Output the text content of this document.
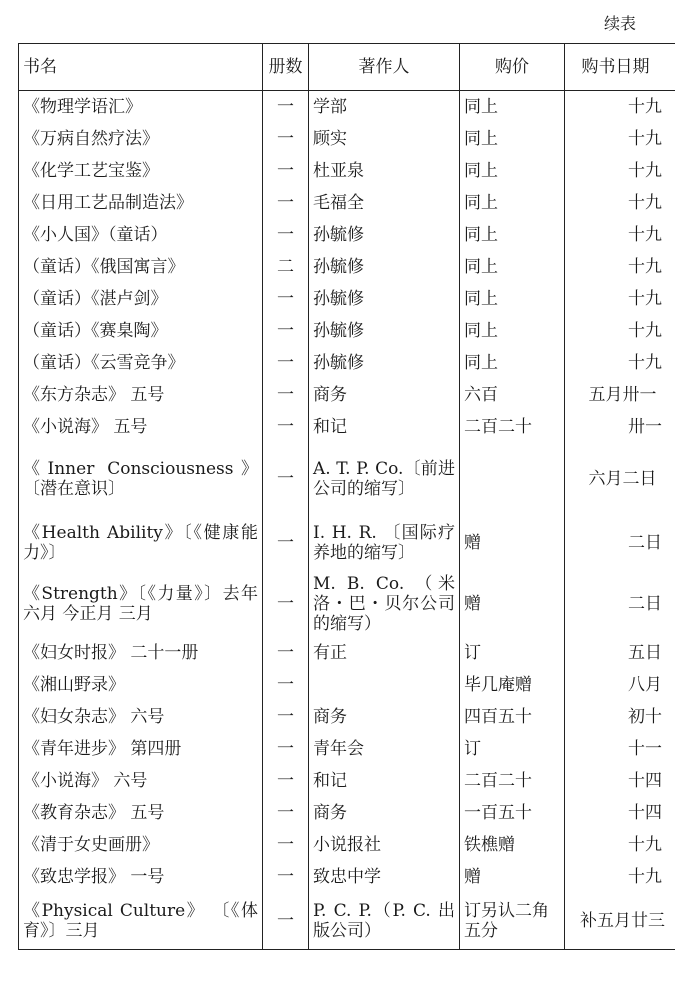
续表
书名	册数	著作人	购价	购书日期
《物理学语汇》	一	学部	同上	十九
《万病自然疗法》	一	顾实	同上	十九
《化学工艺宝鉴》	一	杜亚泉	同上	十九
《日用工艺品制造法》	一	毛福全	同上	十九
《小人国》（童话）	一	孙毓修	同上	十九
（童话）《俄国寓言》	二	孙毓修	同上	十九
（童话）《湛卢剑》	一	孙毓修	同上	十九
（童话）《赛臬陶》	一	孙毓修	同上	十九
（童话）《云雪竞争》	一	孙毓修	同上	十九
《东方杂志》 五号	一	商务	六百	五月卅一
《小说海》 五号	一	和记	二百二十	卅一
《Inner Consciousness》〔潜在意识〕	一	A. T. P. Co.〔前进公司的缩写〕		六月二日
《Health Ability》〔《健康能力》〕	一	I. H. R. 〔国际疗养地的缩写〕	赠	二日
《Strength》〔《力量》〕去年六月 今正月 三月	一	M. B. Co. （米洛・巴・贝尔公司的缩写）	赠	二日
《妇女时报》 二十一册	一	有正	订	五日
《湘山野录》	一		毕几庵赠	八月
《妇女杂志》 六号	一	商务	四百五十	初十
《青年进步》 第四册	一	青年会	订	十一
《小说海》 六号	一	和记	二百二十	十四
《教育杂志》 五号	一	商务	一百五十	十四
《清于女史画册》	一	小说报社	铁樵赠	十九
《致忠学报》 一号	一	致忠中学	赠	十九
《Physical Culture》 〔《体育》〕三月	一	P. C. P.（P. C. 出版公司）	订另认二角五分	补五月廿三
